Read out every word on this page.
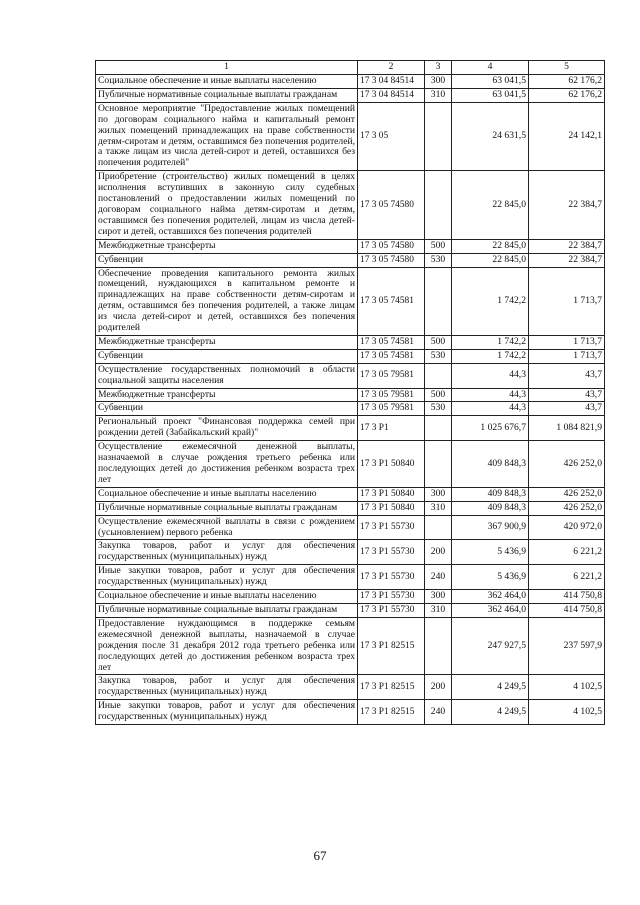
1	2	3	4	5
Социальное обеспечение и иные выплаты населению	17 3 04 84514	300	63 041,5	62 176,2
Публичные нормативные социальные выплаты гражданам	17 3 04 84514	310	63 041,5	62 176,2
Основное мероприятие "Предоставление жилых помещений по договорам социального найма и капитальный ремонт жилых помещений принадлежащих на праве собственности детям-сиротам и детям, оставшимся без попечения родителей, а также лицам из числа детей-сирот и детей, оставшихся без попечения родителей"	17 3 05		24 631,5	24 142,1
Приобретение (строительство) жилых помещений в целях исполнения вступивших в законную силу судебных постановлений о предоставлении жилых помещений по договорам социального найма детям-сиротам и детям, оставшимся без попечения родителей, лицам из числа детей-сирот и детей, оставшихся без попечения родителей	17 3 05 74580		22 845,0	22 384,7
Межбюджетные трансферты	17 3 05 74580	500	22 845,0	22 384,7
Субвенции	17 3 05 74580	530	22 845,0	22 384,7
Обеспечение проведения капитального ремонта жилых помещений, нуждающихся в капитальном ремонте и принадлежащих на праве собственности детям-сиротам и детям, оставшимся без попечения родителей, а также лицам из числа детей-сирот и детей, оставшихся без попечения родителей	17 3 05 74581		1 742,2	1 713,7
Межбюджетные трансферты	17 3 05 74581	500	1 742,2	1 713,7
Субвенции	17 3 05 74581	530	1 742,2	1 713,7
Осуществление государственных полномочий в области социальной защиты населения	17 3 05 79581		44,3	43,7
Межбюджетные трансферты	17 3 05 79581	500	44,3	43,7
Субвенции	17 3 05 79581	530	44,3	43,7
Региональный проект "Финансовая поддержка семей при рождении детей (Забайкальский край)"	17 3 P1		1 025 676,7	1 084 821,9
Осуществление ежемесячной денежной выплаты, назначаемой в случае рождения третьего ребенка или последующих детей до достижения ребенком возраста трех лет	17 3 P1 50840		409 848,3	426 252,0
Социальное обеспечение и иные выплаты населению	17 3 P1 50840	300	409 848,3	426 252,0
Публичные нормативные социальные выплаты гражданам	17 3 P1 50840	310	409 848,3	426 252,0
Осуществление ежемесячной выплаты в связи с рождением (усыновлением) первого ребенка	17 3 P1 55730		367 900,9	420 972,0
Закупка товаров, работ и услуг для обеспечения государственных (муниципальных) нужд	17 3 P1 55730	200	5 436,9	6 221,2
Иные закупки товаров, работ и услуг для обеспечения государственных (муниципальных) нужд	17 3 P1 55730	240	5 436,9	6 221,2
Социальное обеспечение и иные выплаты населению	17 3 P1 55730	300	362 464,0	414 750,8
Публичные нормативные социальные выплаты гражданам	17 3 P1 55730	310	362 464,0	414 750,8
Предоставление нуждающимся в поддержке семьям ежемесячной денежной выплаты, назначаемой в случае рождения после 31 декабря 2012 года третьего ребенка или последующих детей до достижения ребенком возраста трех лет	17 3 P1 82515		247 927,5	237 597,9
Закупка товаров, работ и услуг для обеспечения государственных (муниципальных) нужд	17 3 P1 82515	200	4 249,5	4 102,5
Иные закупки товаров, работ и услуг для обеспечения государственных (муниципальных) нужд	17 3 P1 82515	240	4 249,5	4 102,5
67
